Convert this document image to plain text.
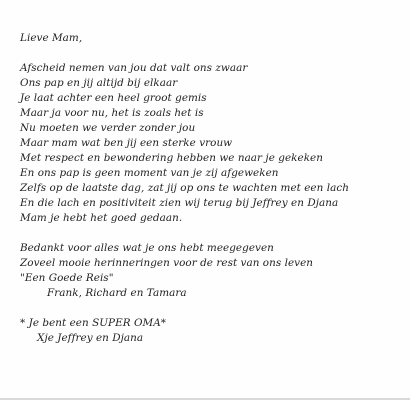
Lieve Mam,
Afscheid nemen van jou dat valt ons zwaar
Ons pap en jij altijd bij elkaar
Je laat achter een heel groot gemis
Maar ja voor nu, het is zoals het is
Nu moeten we verder zonder jou
Maar mam wat ben jij een sterke vrouw
Met respect en bewondering hebben we naar je gekeken
En ons pap is geen moment van je zij afgeweken
Zelfs op de laatste dag, zat jij op ons te wachten met een lach
En die lach en positiviteit zien wij terug bij Jeffrey en Djana
Mam je hebt het goed gedaan.
Bedankt voor alles wat je ons hebt meegegeven
Zoveel mooie herinneringen voor de rest van ons leven
"Een Goede Reis"
Frank, Richard en Tamara
* Je bent een SUPER OMA*
Xje Jeffrey en Djana
